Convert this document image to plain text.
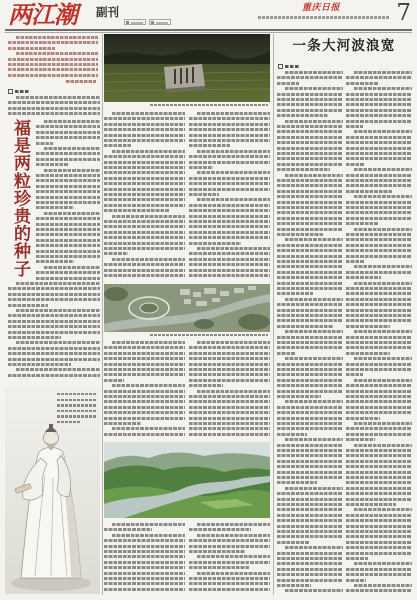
两江潮 副刊	重庆日报 7
福是两粒珍贵的种子
一条大河波浪宽
